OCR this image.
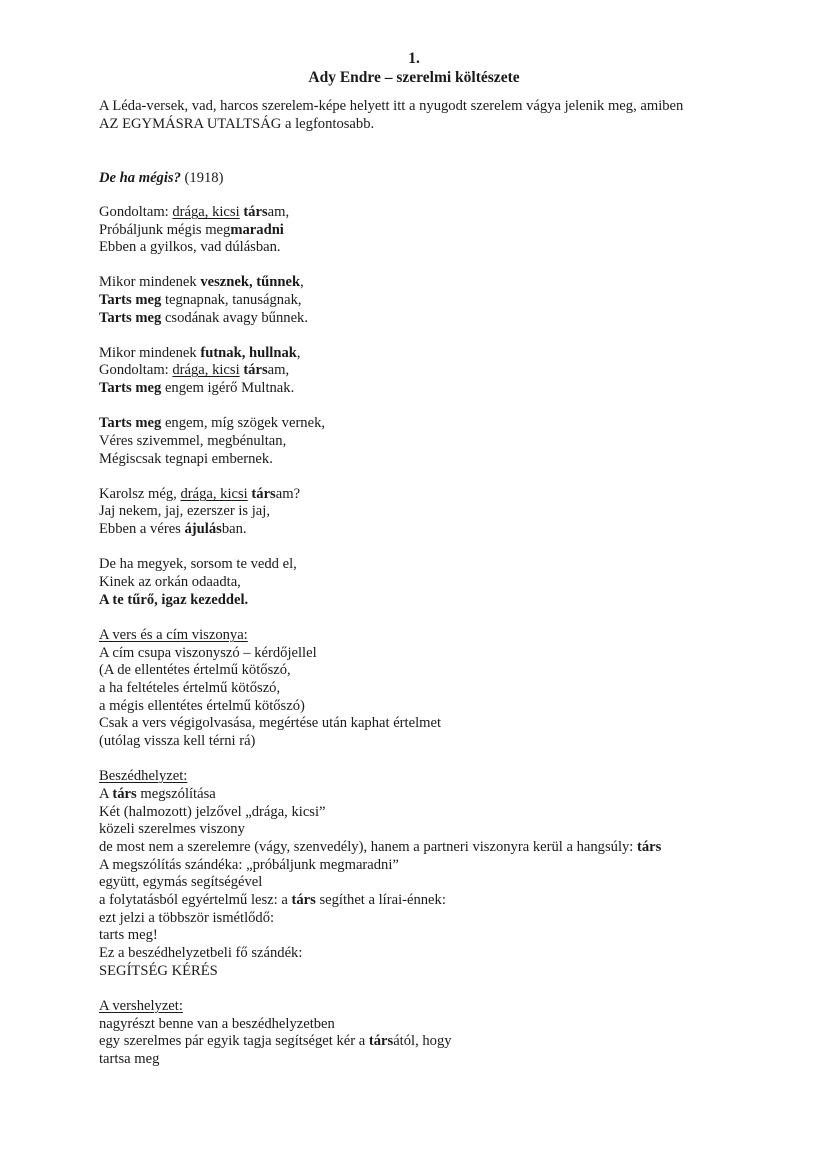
1.
Ady Endre – szerelmi költészete
A Léda-versek, vad, harcos szerelem-képe helyett itt a nyugodt szerelem vágya jelenik meg, amiben
AZ EGYMÁSRA UTALTSÁG a legfontosabb.
De ha mégis? (1918)
Gondoltam: drága, kicsi társam,
Próbáljunk mégis megmaradni
Ebben a gyilkos, vad dúlásban.
Mikor mindenek vesznek, tűnnek,
Tarts meg tegnapnak, tanuságnak,
Tarts meg csodának avagy bűnnek.
Mikor mindenek futnak, hullnak,
Gondoltam: drága, kicsi társam,
Tarts meg engem igérő Multnak.
Tarts meg engem, míg szögek vernek,
Véres szivemmel, megbénultan,
Mégiscsak tegnapi embernek.
Karolsz még, drága, kicsi társam?
Jaj nekem, jaj, ezerszer is jaj,
Ebben a véres ájulásban.
De ha megyek, sorsom te vedd el,
Kinek az orkán odaadta,
A te tűrő, igaz kezeddel.
A vers és a cím viszonya:
A cím csupa viszonyszó – kérdőjellel
(A de ellentétes értelmű kötőszó,
a ha feltételes értelmű kötőszó,
a mégis ellentétes értelmű kötőszó)
Csak a vers végigolvasása, megértése után kaphat értelmet
(utólag vissza kell térni rá)
Beszédhelyzet:
A társ megszólítása
Két (halmozott) jelzővel „drága, kicsi”
közeli szerelmes viszony
de most nem a szerelemre (vágy, szenvedély), hanem a partneri viszonyra kerül a hangsúly: társ
A megszólítás szándéka: „próbáljunk megmaradni”
együtt, egymás segítségével
a folytatásból egyértelmű lesz: a társ segíthet a lírai-énnek:
ezt jelzi a többször ismétlődő:
tarts meg!
Ez a beszédhelyzetbeli fő szándék:
SEGÍTSÉG KÉRÉS
A vershelyzet:
nagyrészt benne van a beszédhelyzetben
egy szerelmes pár egyik tagja segítséget kér a társától, hogy
tartsa meg
